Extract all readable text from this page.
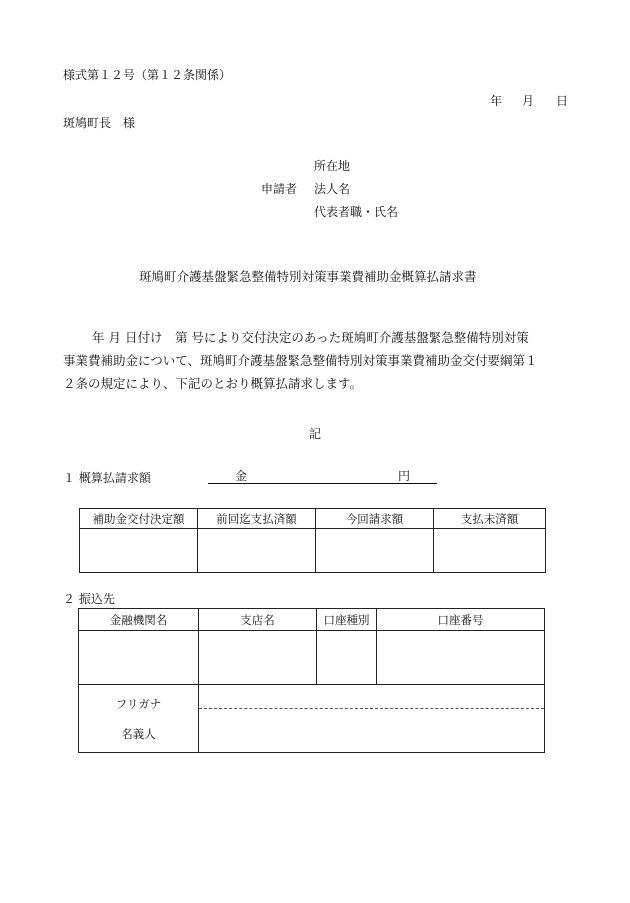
様式第１２号（第１２条関係）
年 月 日
斑鳩町長　様
所在地
申請者 法人名
代表者職・氏名
斑鳩町介護基盤緊急整備特別対策事業費補助金概算払請求書
年 月 日付け　第 号により交付決定のあった斑鳩町介護基盤緊急整備特別対策
事業費補助金について、斑鳩町介護基盤緊急整備特別対策事業費補助金交付要綱第１
２条の規定により、下記のとおり概算払請求します。
記
１ 概算払請求額	金	円
補助金交付決定額	前回迄支払済額	今回請求額	支払未済額

２ 振込先
金融機関名	支店名	口座種別	口座番号

フリガナ
名義人			
